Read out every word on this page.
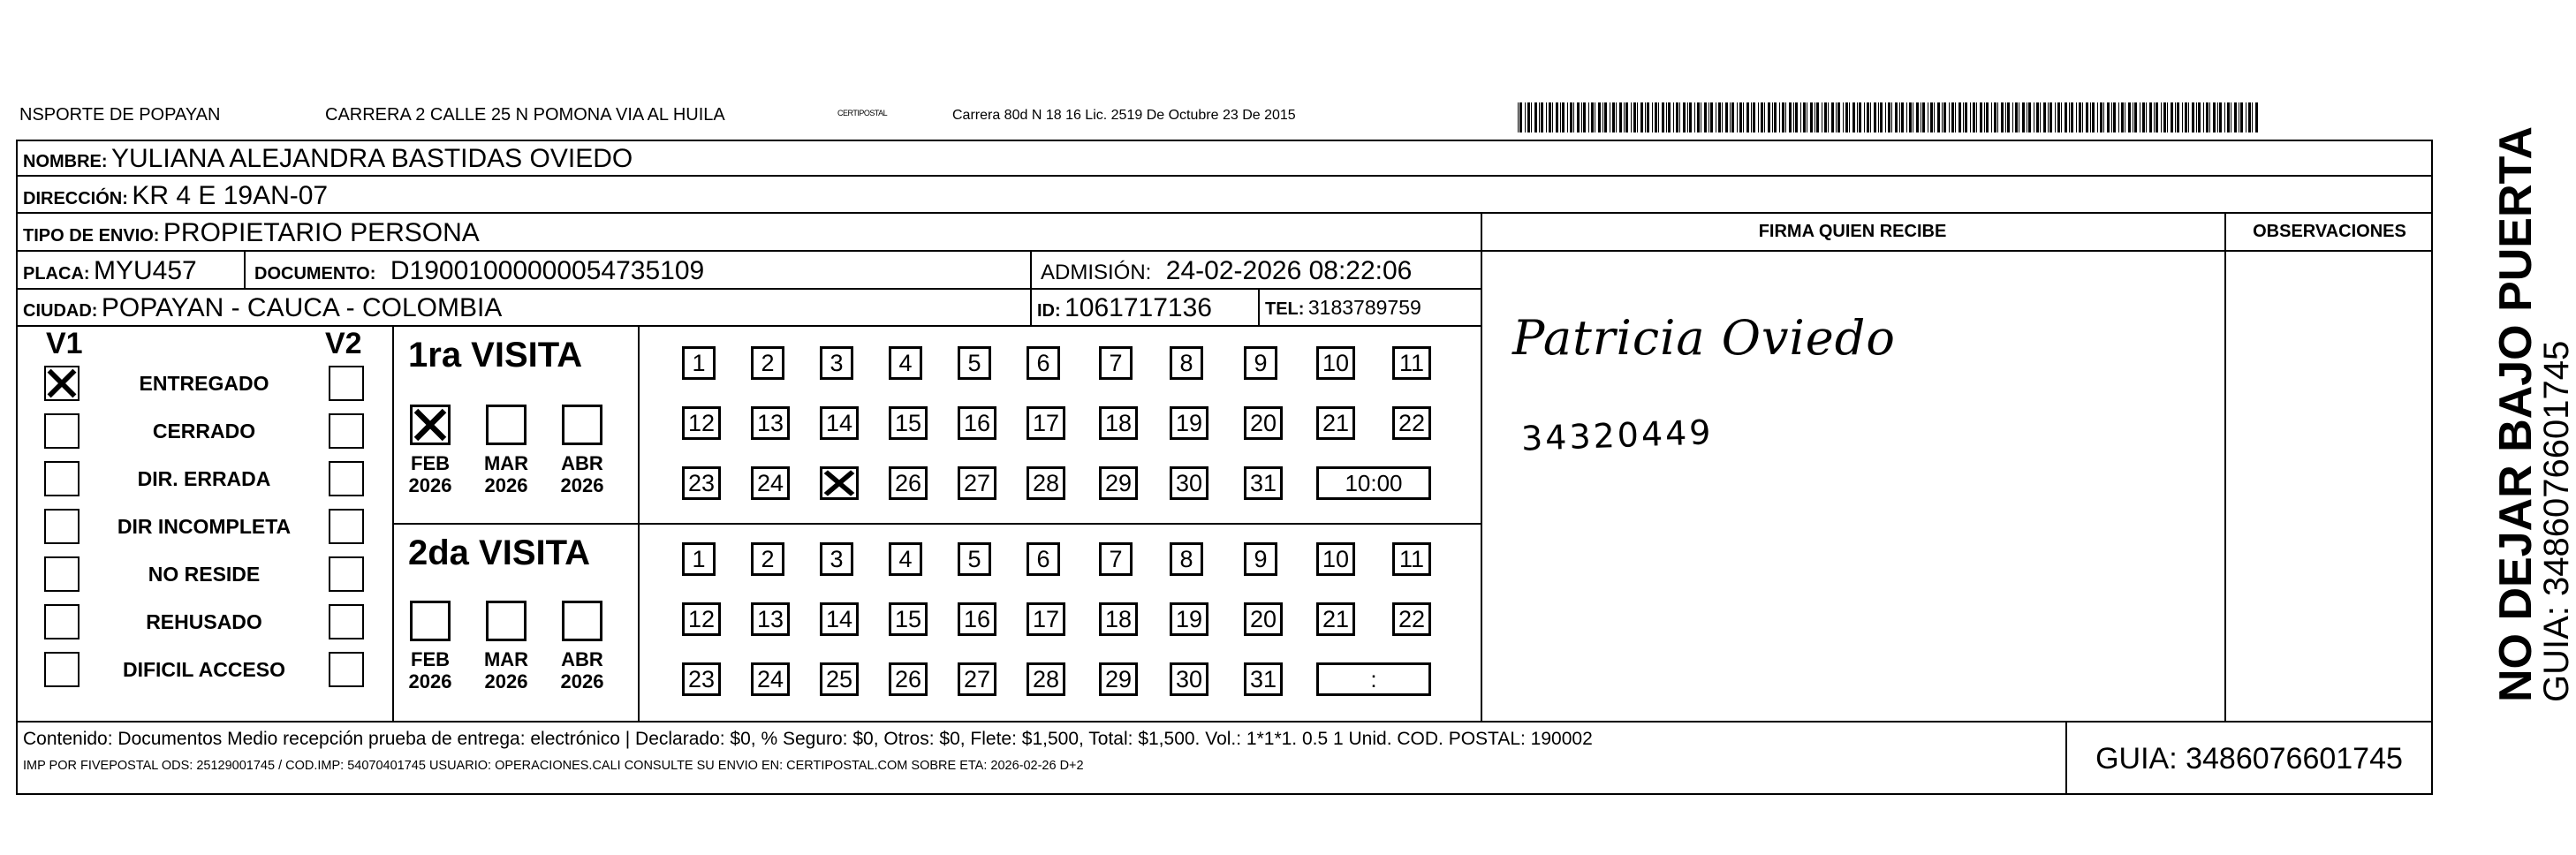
NSPORTE DE POPAYAN	CARRERA 2 CALLE 25 N POMONA VIA AL HUILA	CERTIPOSTAL	Carrera 80d N 18 16 Lic. 2519 De Octubre 23 De 2015
NOMBRE: YULIANA ALEJANDRA BASTIDAS OVIEDO
DIRECCIÓN: KR 4 E 19AN-07
TIPO DE ENVIO: PROPIETARIO PERSONA
PLACA: MYU457	DOCUMENTO: D19001000000054735109	ADMISIÓN: 24-02-2026 08:22:06
CIUDAD: POPAYAN - CAUCA - COLOMBIA	ID: 1061717136	TEL: 3183789759
FIRMA QUIEN RECIBE	OBSERVACIONES
V1	V2
ENTREGADO
CERRADO
DIR. ERRADA
DIR INCOMPLETA
NO RESIDE
REHUSADO
DIFICIL ACCESO
1ra VISITA
FEB
2026
MAR
2026
ABR
2026
1	2	3	4	5	6	7	8	9	10 11
12 13 14 15 16 17 18 19 20 21 22
23 24	26 27 28 29 30 31	10:00
2da VISITA
FEB
2026
MAR
2026
ABR
2026
1	2	3	4	5	6	7	8	9	10 11
12 13 14 15 16 17 18 19 20 21 22
23 24 25 26 27 28 29 30 31	:
Patricia Oviedo
34320449
Contenido: Documentos Medio recepción prueba de entrega: electrónico | Declarado: $0, % Seguro: $0, Otros: $0, Flete: $1,500, Total: $1,500. Vol.: 1*1*1. 0.5 1 Unid. COD. POSTAL: 190002
IMP POR FIVEPOSTAL ODS: 25129001745 / COD.IMP: 54070401745 USUARIO: OPERACIONES.CALI CONSULTE SU ENVIO EN: CERTIPOSTAL.COM SOBRE ETA: 2026-02-26 D+2	GUIA: 3486076601745
NO DEJAR BAJO PUERTA
GUIA: 3486076601745
